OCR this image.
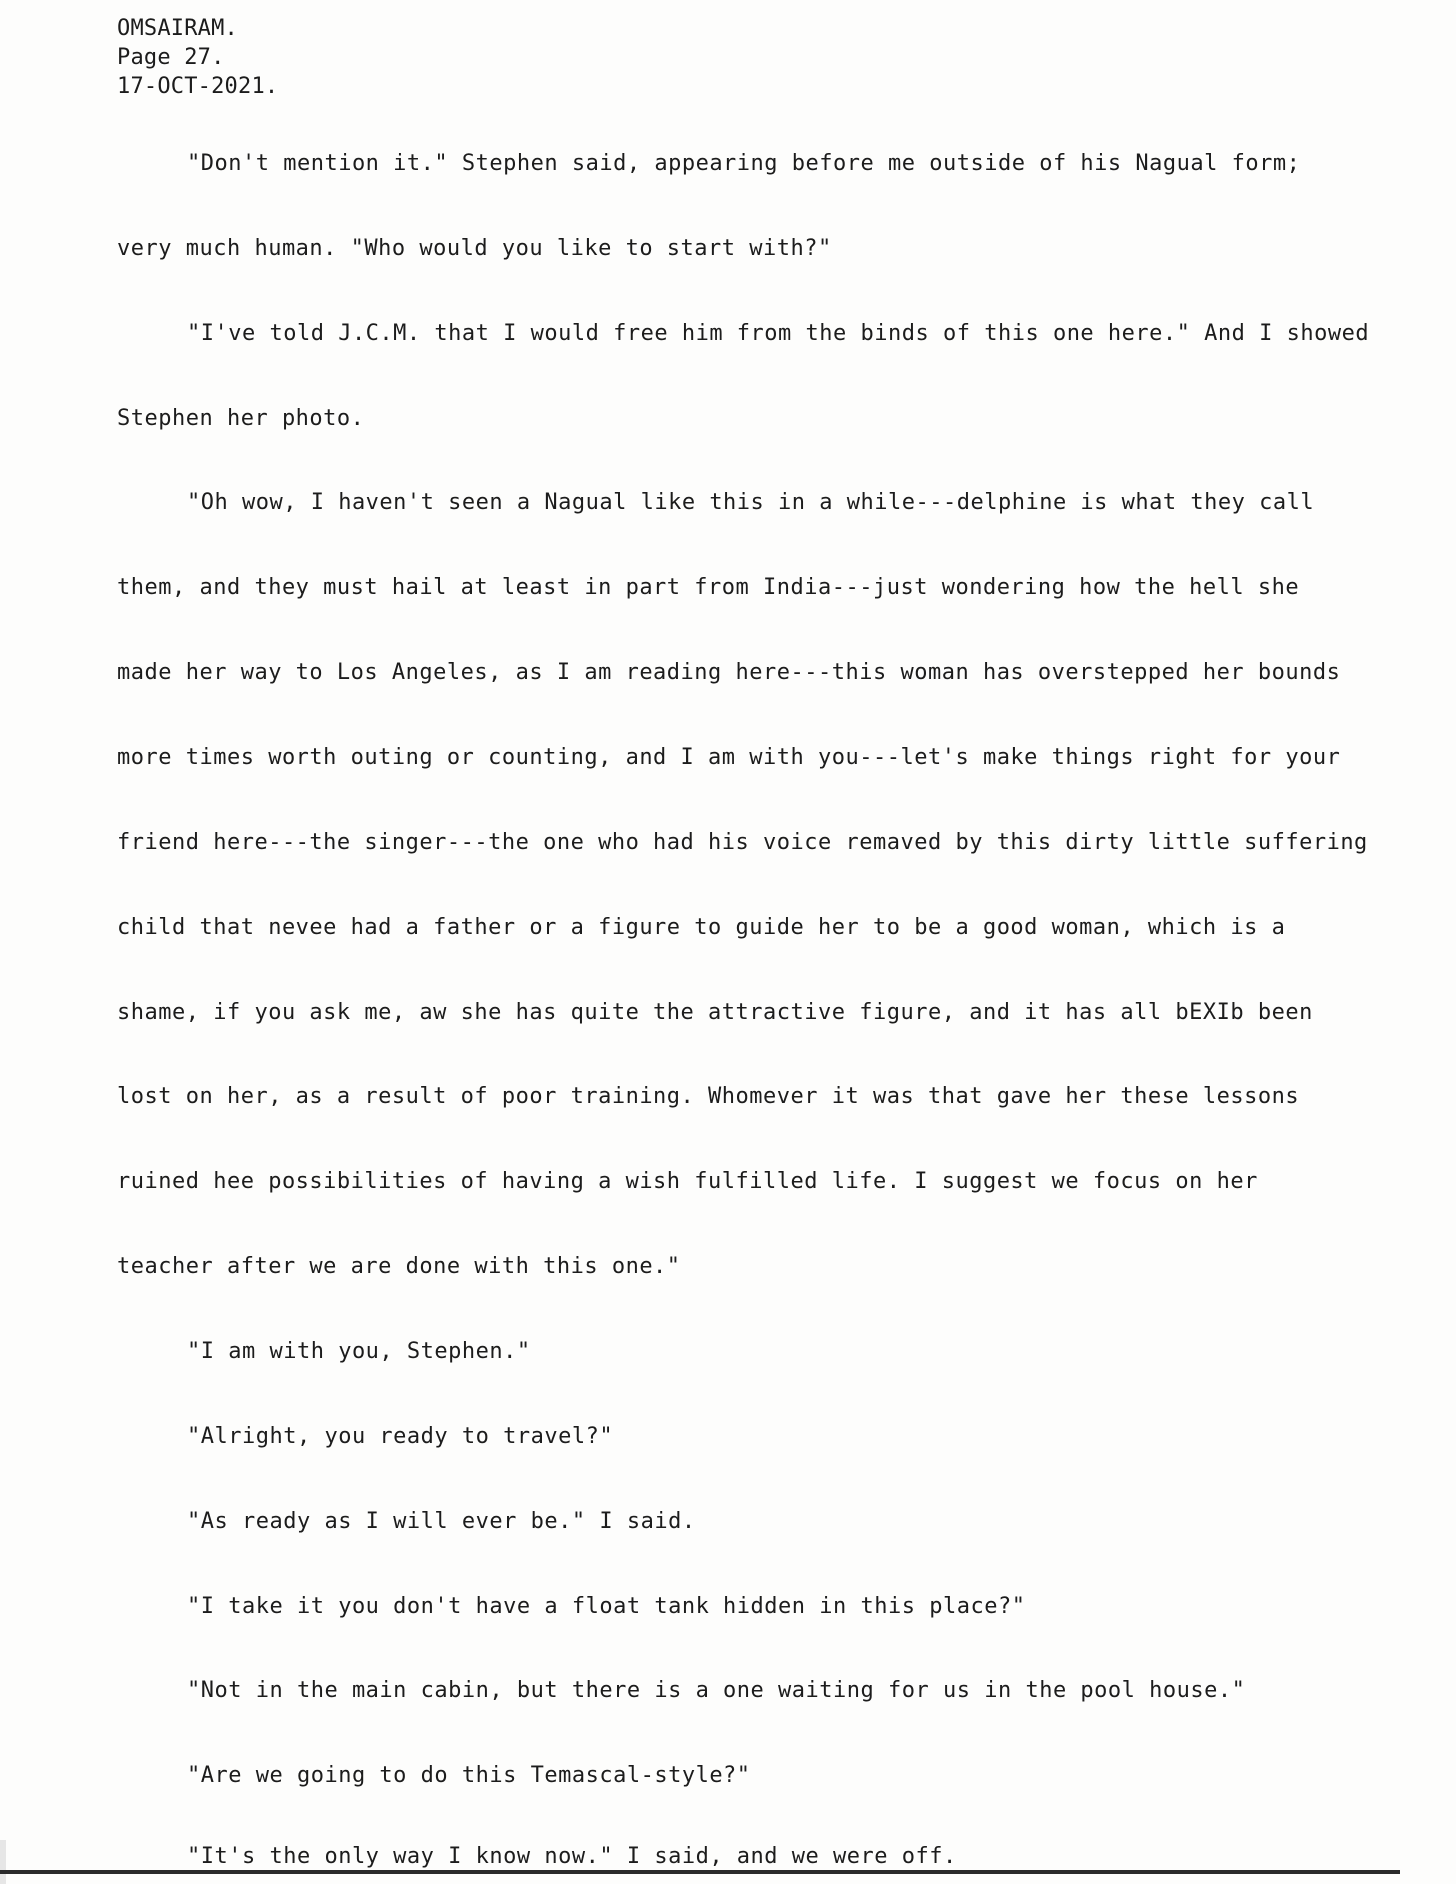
OMSAIRAM.
Page 27.
17-OCT-2021.
"Don't mention it." Stephen said, appearing before me outside of his Nagual form;
very much human. "Who would you like to start with?"
"I've told J.C.M. that I would free him from the binds of this one here." And I showed
Stephen her photo.
"Oh wow, I haven't seen a Nagual like this in a while---delphine is what they call
them, and they must hail at least in part from India---just wondering how the hell she
made her way to Los Angeles, as I am reading here---this woman has overstepped her bounds
more times worth outing or counting, and I am with you---let's make things right for your
friend here---the singer---the one who had his voice remaved by this dirty little suffering
child that nevee had a father or a figure to guide her to be a good woman, which is a
shame, if you ask me, aw she has quite the attractive figure, and it has all bEXIb been
lost on her, as a result of poor training. Whomever it was that gave her these lessons
ruined hee possibilities of having a wish fulfilled life. I suggest we focus on her
teacher after we are done with this one."
"I am with you, Stephen."
"Alright, you ready to travel?"
"As ready as I will ever be." I said.
"I take it you don't have a float tank hidden in this place?"
"Not in the main cabin, but there is a one waiting for us in the pool house."
"Are we going to do this Temascal-style?"
"It's the only way I know now." I said, and we were off.
